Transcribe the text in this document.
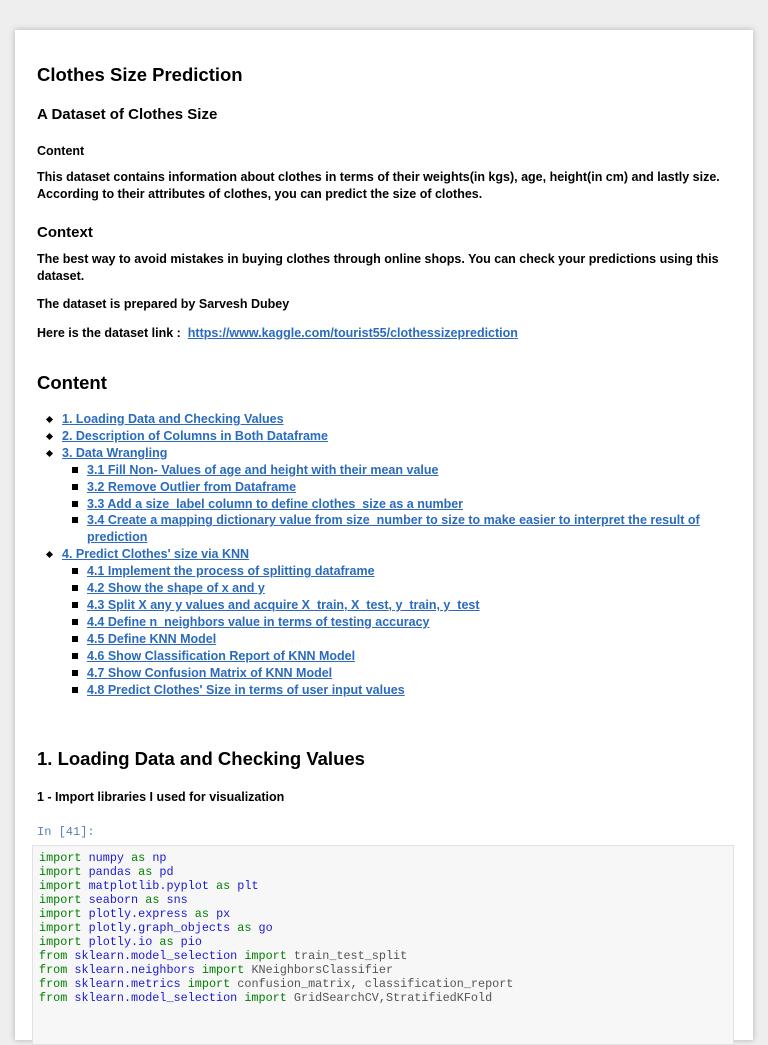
Clothes Size Prediction
A Dataset of Clothes Size
Content

This dataset contains information about clothes in terms of their weights(in kgs), age, height(in cm) and lastly size. According to their attributes of clothes, you can predict the size of clothes.

Context

The best way to avoid mistakes in buying clothes through online shops. You can check your predictions using this dataset.

The dataset is prepared by Sarvesh Dubey

Here is the dataset link : https://www.kaggle.com/tourist55/clothessizeprediction

Content
1. Loading Data and Checking Values
2. Description of Columns in Both Dataframe
3. Data Wrangling
3.1 Fill Non- Values of age and height with their mean value
3.2 Remove Outlier from Dataframe
3.3 Add a size_label column to define clothes_size as a number
3.4 Create a mapping dictionary value from size_number to size to make easier to interpret the result of prediction
4. Predict Clothes' size via KNN
4.1 Implement the process of splitting dataframe
4.2 Show the shape of x and y
4.3 Split X any y values and acquire X_train, X_test, y_train, y_test
4.4 Define n_neighbors value in terms of testing accuracy
4.5 Define KNN Model
4.6 Show Classification Report of KNN Model
4.7 Show Confusion Matrix of KNN Model
4.8 Predict Clothes' Size in terms of user input values
1. Loading Data and Checking Values
1 - Import libraries I used for visualization
In [41]:
import numpy as np
import pandas as pd
import matplotlib.pyplot as plt
import seaborn as sns
import plotly.express as px
import plotly.graph_objects as go
import plotly.io as pio
from sklearn.model_selection import train_test_split
from sklearn.neighbors import KNeighborsClassifier
from sklearn.metrics import confusion_matrix, classification_report
from sklearn.model_selection import GridSearchCV,StratifiedKFold
